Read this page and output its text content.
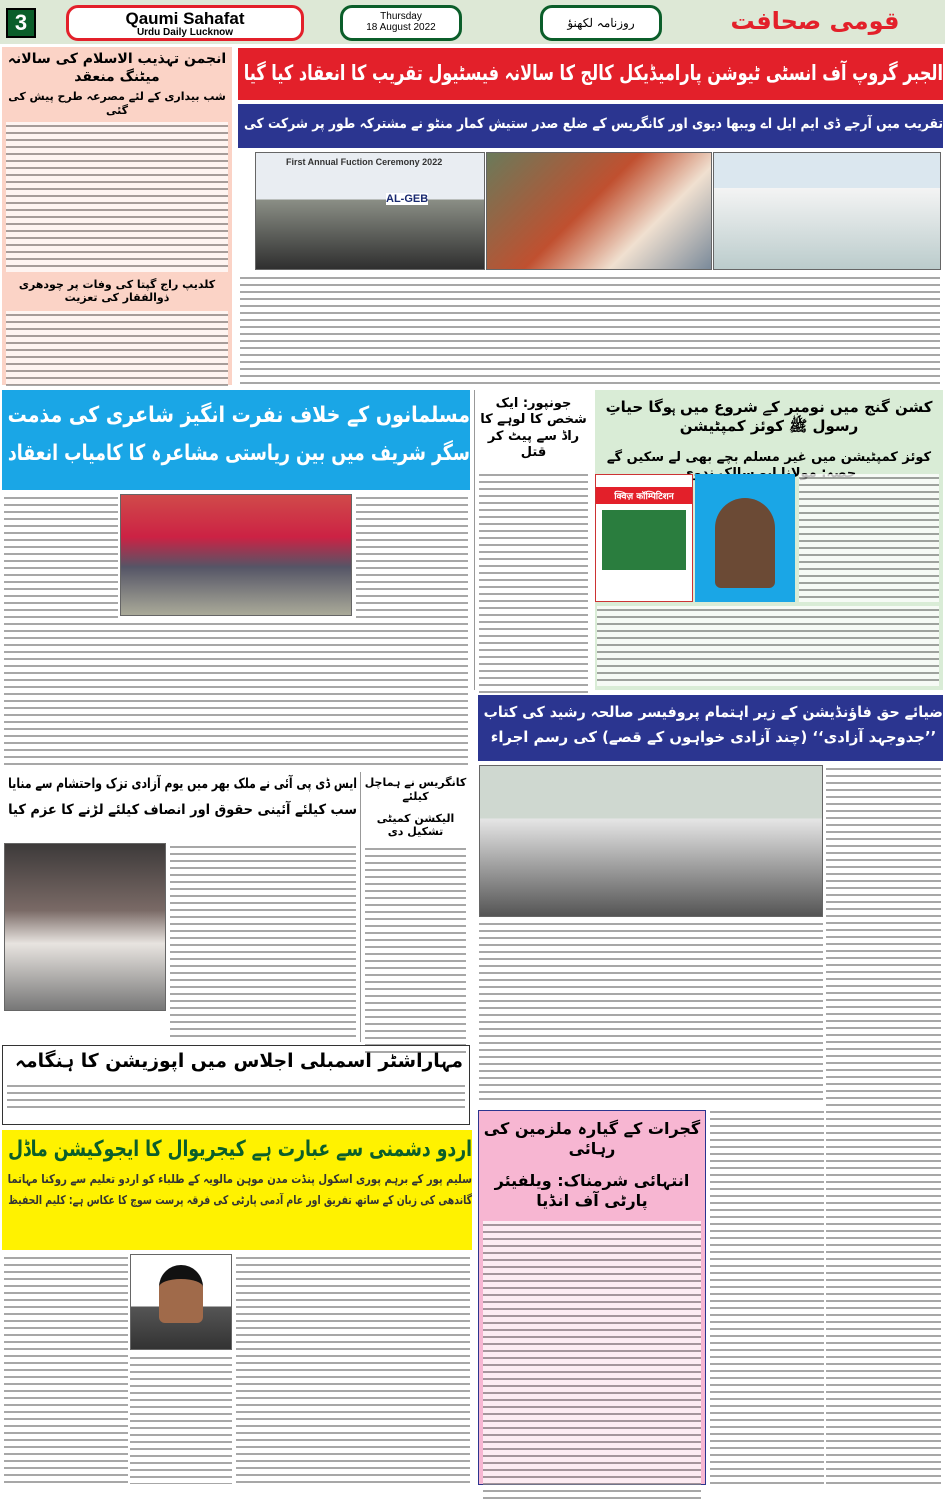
3	Qaumi Sahafat
Urdu Daily Lucknow
Thursday
18 August 2022	روزنامہ لکھنؤ	قومی صحافت
انجمن تہذیب الاسلام کی سالانہ میٹنگ منعقد
شب بیداری کے لئے مصرعہ طرح پیش کی گئی
کلدیپ راج گپتا کی وفات پر چودھری ذوالفقار کی تعزیت
الجبر گروپ آف انسٹی ٹیوشن پارامیڈیکل کالج کا سالانہ فیسٹیول تقریب کا انعقاد کیا گیا
تقریب میں آرجے ڈی ایم ایل اے ویبھا دیوی اور کانگریس کے ضلع صدر ستیش کمار منٹو نے مشترکہ طور پر شرکت کی
First Annual Fuction Ceremony 2022
AL-GEB
مسلمانوں کے خلاف نفرت انگیز شاعری کی مذمت
سگر شریف میں بین ریاستی مشاعرہ کا کامیاب انعقاد
جونپور: ایک شخص کا لوہے کا راڈ سے پیٹ کر قتل
کشن گنج میں نومبر کے شروع میں ہوگا حیاتِ رسول ﷺ کوئز کمپٹیشن
کوئز کمپٹیشن میں غیر مسلم بچے بھی لے سکیں گے
क्विज़ कॉम्पिटिशन
ضیائے حق فاؤنڈیشن کے زیر اہتمام پروفیسر صالحہ رشید کی کتاب
’’جدوجہد آزادی‘‘ (چند آزادی خواہوں کے قصے) کی رسم اجراء
ایس ڈی پی آئی نے ملک بھر میں یوم آزادی تزک واحتشام سے منایا
سب کیلئے آئینی حقوق اور انصاف کیلئے لڑنے کا عزم کیا
کانگریس نے ہماچل کیلئے
الیکشن کمیٹی تشکیل دی
مہاراشٹر اسمبلی اجلاس میں اپوزیشن کا ہنگامہ
اردو دشمنی سے عبارت ہے کیجریوال کا ایجوکیشن ماڈل
سلیم پور کے برہم پوری اسکول پنڈت مدن موہن مالویہ کے طلباء کو اردو تعلیم سے روکنا مہاتما
گاندھی کی زبان کے ساتھ تفریق اور عام آدمی پارٹی کی فرقہ پرست سوچ کا عکاس ہے: کلیم الحفیظ
گجرات کے گیارہ ملزمین کی رہائی
انتہائی شرمناک: ویلفیئر پارٹی آف انڈیا
